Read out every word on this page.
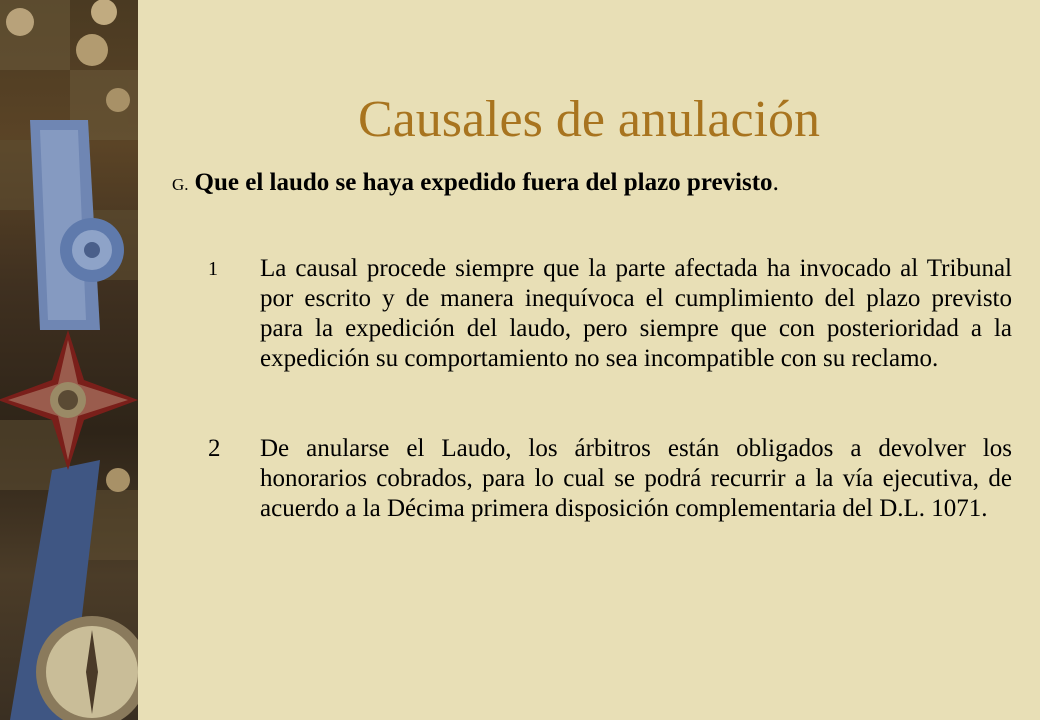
Causales de anulación
G. Que el laudo se haya expedido fuera del plazo previsto.
1	La causal procede siempre que la parte afectada ha invocado al Tribunal por escrito y de manera inequívoca el cumplimiento del plazo previsto para la expedición del laudo, pero siempre que con posterioridad a la expedición su comportamiento no sea incompatible con su reclamo.
2	De anularse el Laudo, los árbitros están obligados a devolver los honorarios cobrados, para lo cual se podrá recurrir a la vía ejecutiva, de acuerdo a la Décima primera disposición complementaria del D.L. 1071.
